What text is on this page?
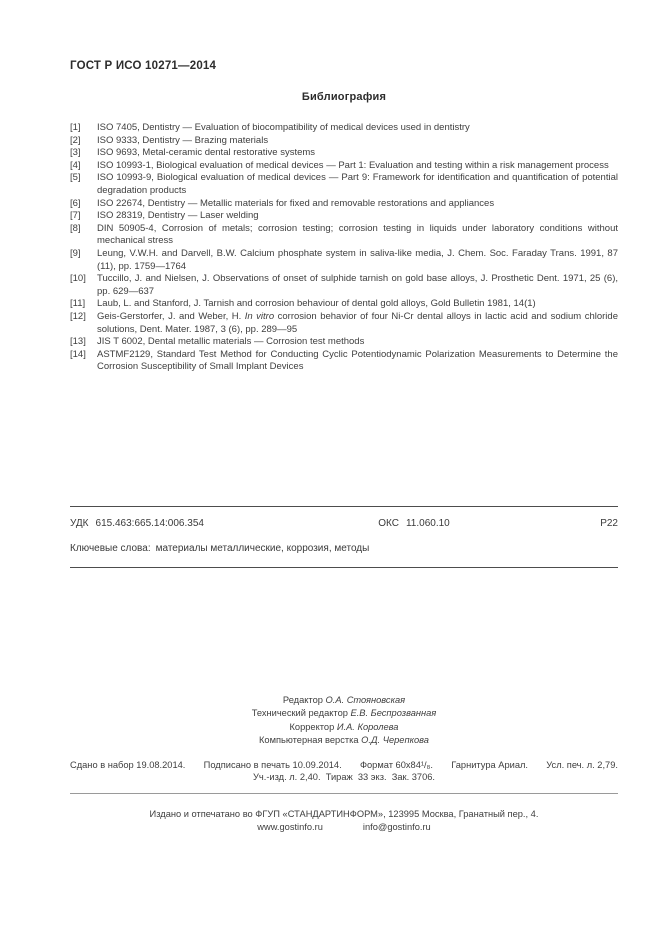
ГОСТ Р ИСО 10271—2014
Библиография
[1]	ISO 7405, Dentistry — Evaluation of biocompatibility of medical devices used in dentistry
[2]	ISO 9333, Dentistry — Brazing materials
[3]	ISO 9693, Metal-ceramic dental restorative systems
[4]	ISO 10993-1, Biological evaluation of medical devices — Part 1: Evaluation and testing within a risk management process
[5]	ISO 10993-9, Biological evaluation of medical devices — Part 9: Framework for identification and quantification of potential degradation products
[6]	ISO 22674, Dentistry — Metallic materials for fixed and removable restorations and appliances
[7]	ISO 28319, Dentistry — Laser welding
[8]	DIN 50905-4, Corrosion of metals; corrosion testing; corrosion testing in liquids under laboratory conditions without mechanical stress
[9]	Leung, V.W.H. and Darvell, B.W. Calcium phosphate system in saliva-like media, J. Chem. Soc. Faraday Trans. 1991, 87 (11), pp. 1759—1764
[10]	Tuccillo, J. and Nielsen, J. Observations of onset of sulphide tarnish on gold base alloys, J. Prosthetic Dent. 1971, 25 (6), pp. 629—637
[11]	Laub, L. and Stanford, J. Tarnish and corrosion behaviour of dental gold alloys, Gold Bulletin 1981, 14(1)
[12]	Geis-Gerstorfer, J. and Weber, H. In vitro corrosion behavior of four Ni-Cr dental alloys in lactic acid and sodium chloride solutions, Dent. Mater. 1987, 3 (6), pp. 289—95
[13]	JIS T 6002, Dental metallic materials — Corrosion test methods
[14]	ASTMF2129, Standard Test Method for Conducting Cyclic Potentiodynamic Polarization Measurements to Determine the Corrosion Susceptibility of Small Implant Devices
УДК 615.463:665.14:006.354	ОКС 11.060.10	Р22
Ключевые слова: материалы металлические, коррозия, методы
Редактор О.А. Стояновская
Технический редактор Е.В. Беспрозванная
Корректор И.А. Королева
Компьютерная верстка О.Д. Черепкова
Сдано в набор 19.08.2014. Подписано в печать 10.09.2014. Формат 60х84¹/₈. Гарнитура Ариал. Усл. печ. л. 2,79.
Уч.-изд. л. 2,40.  Тираж  33 экз.  Зак. 3706.
Издано и отпечатано во ФГУП «СТАНДАРТИНФОРМ», 123995 Москва, Гранатный пер., 4.
www.gostinfo.ru	info@gostinfo.ru
